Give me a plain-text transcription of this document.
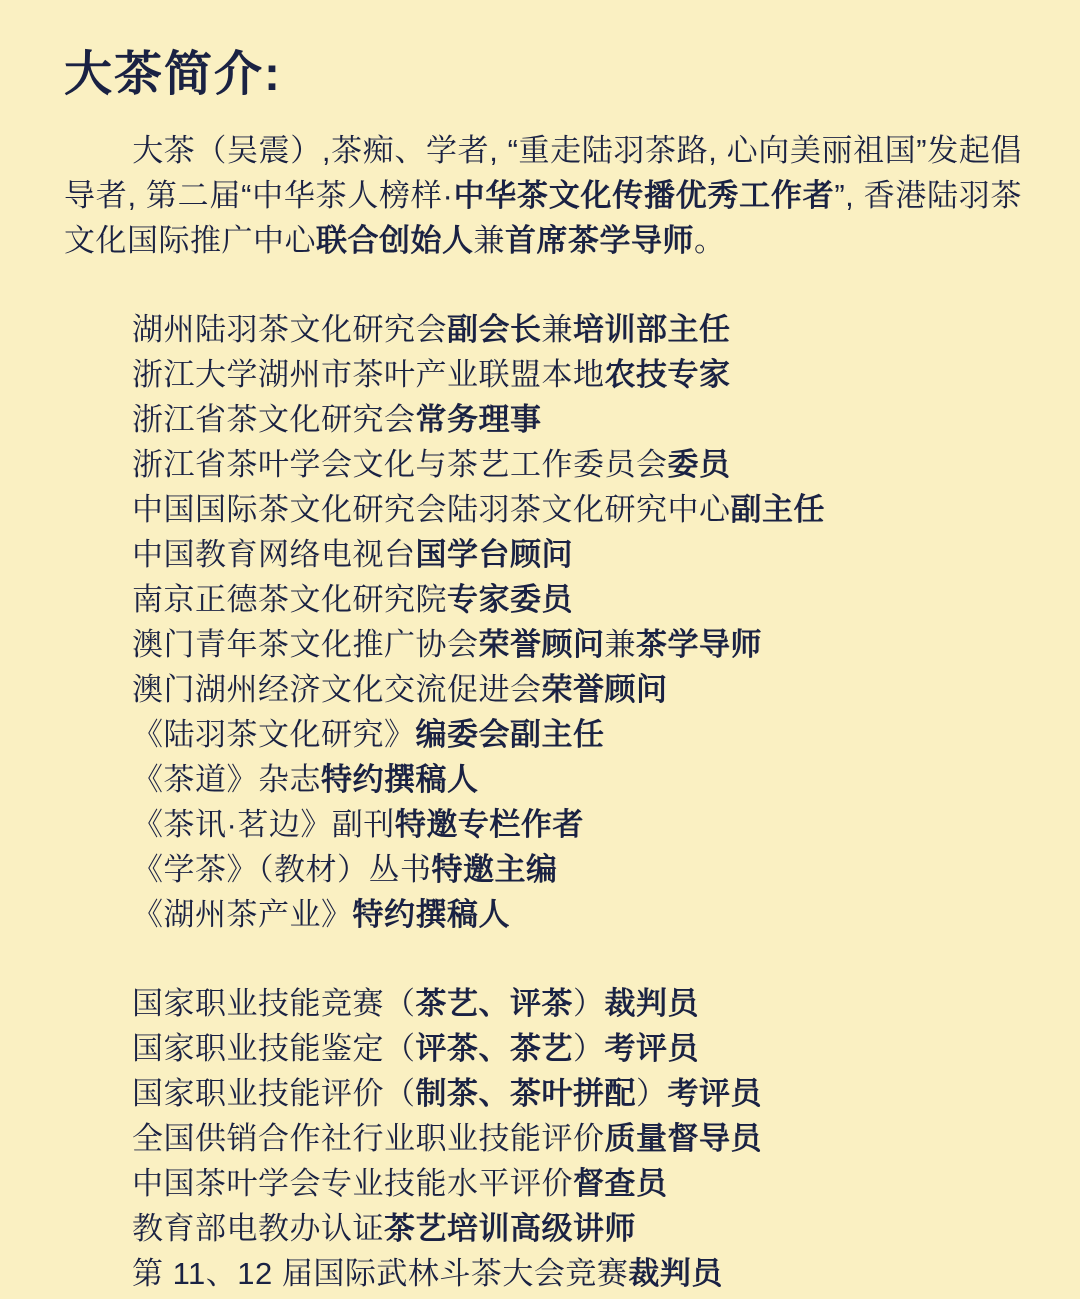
大茶简介:

大茶（吴震）,茶痴、学者, “重走陆羽茶路, 心向美丽祖国”发起倡导者, 第二届“中华茶人榜样·中华茶文化传播优秀工作者”, 香港陆羽茶文化国际推广中心联合创始人兼首席茶学导师。

湖州陆羽茶文化研究会副会长兼培训部主任
浙江大学湖州市茶叶产业联盟本地农技专家
浙江省茶文化研究会常务理事
浙江省茶叶学会文化与茶艺工作委员会委员
中国国际茶文化研究会陆羽茶文化研究中心副主任
中国教育网络电视台国学台顾问
南京正德茶文化研究院专家委员
澳门青年茶文化推广协会荣誉顾问兼茶学导师
澳门湖州经济文化交流促进会荣誉顾问
《陆羽茶文化研究》编委会副主任
《茶道》杂志特约撰稿人
《茶讯·茗边》副刊特邀专栏作者
《学茶》（教材）丛书特邀主编
《湖州茶产业》特约撰稿人
国家职业技能竞赛（茶艺、评茶）裁判员
国家职业技能鉴定（评茶、茶艺）考评员
国家职业技能评价（制茶、茶叶拼配）考评员
全国供销合作社行业职业技能评价质量督导员
中国茶叶学会专业技能水平评价督查员
教育部电教办认证茶艺培训高级讲师
第 11、12 届国际武林斗茶大会竞赛裁判员
